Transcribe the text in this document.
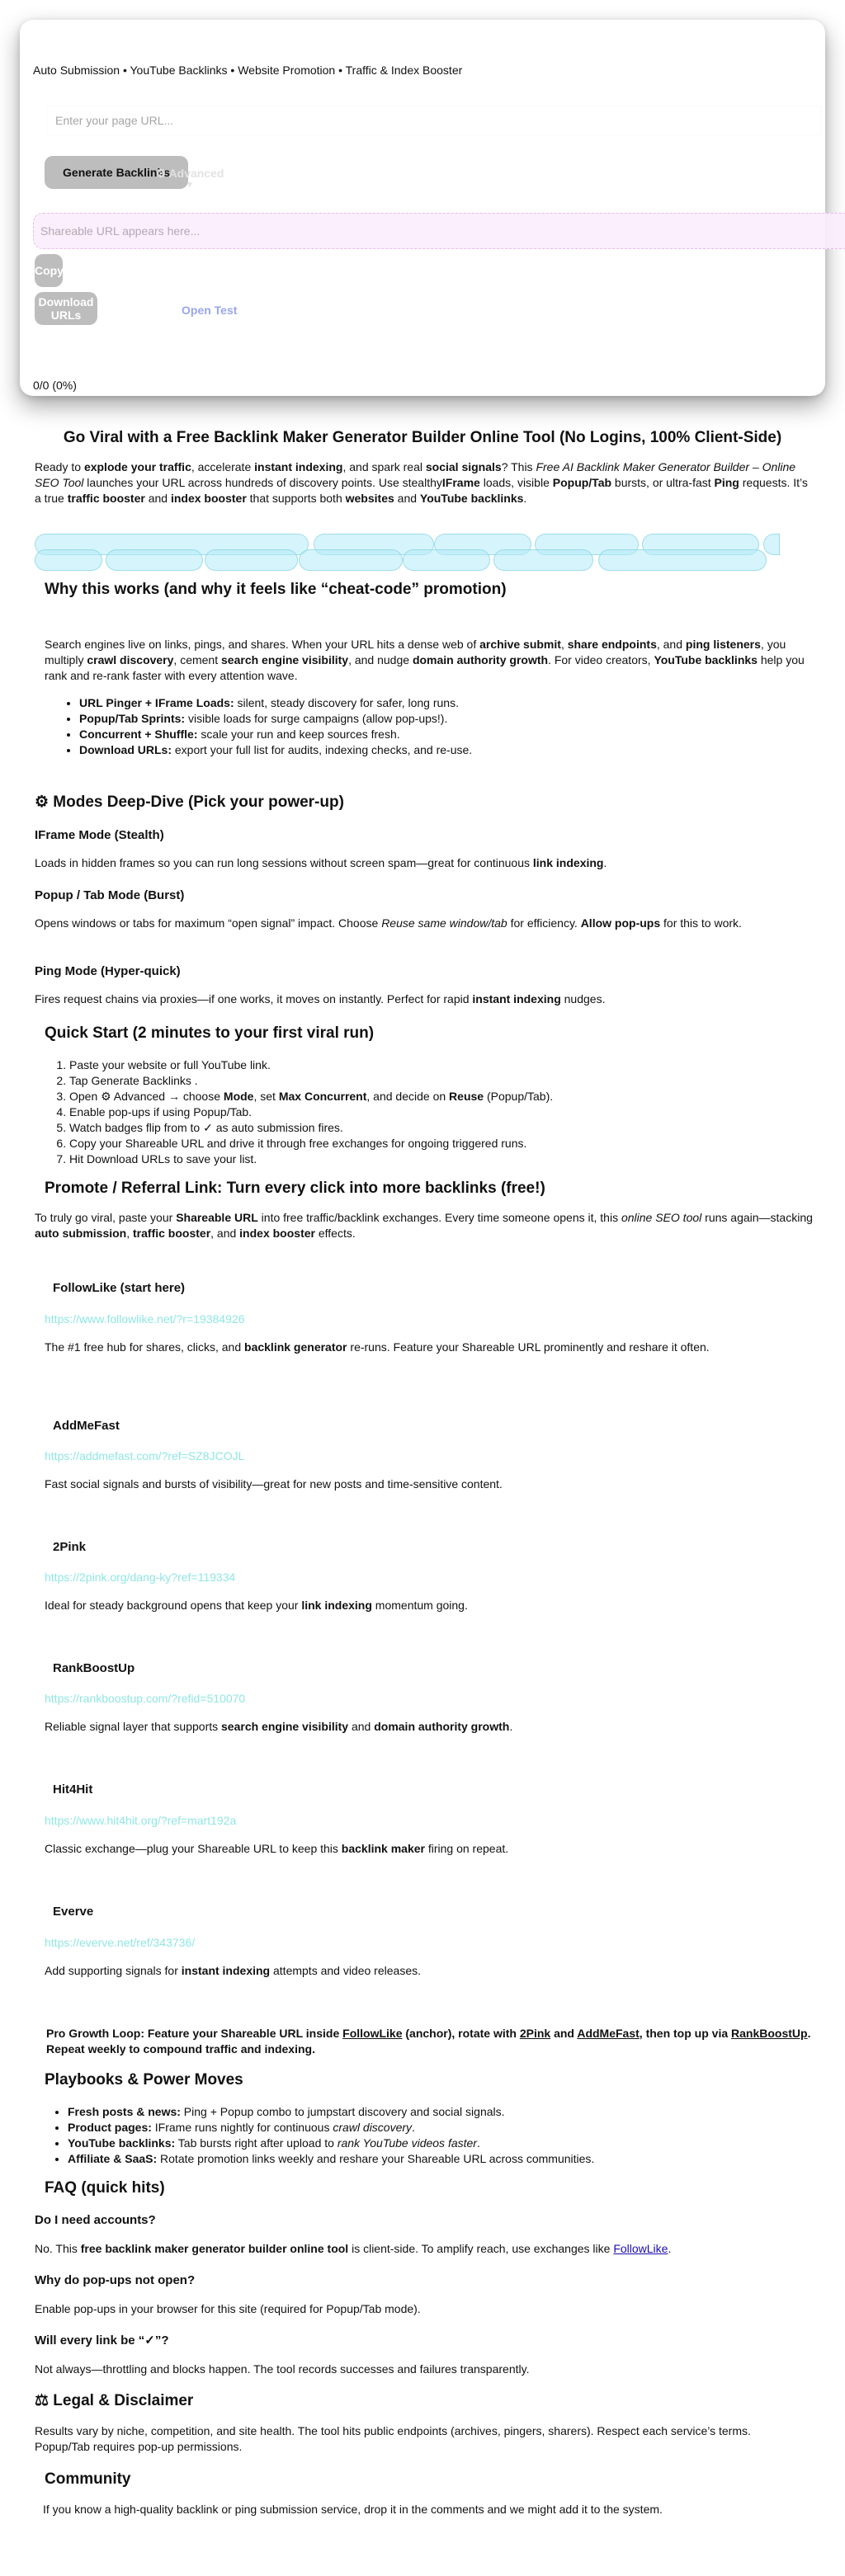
Auto Submission • YouTube Backlinks • Website Promotion • Traffic & Index Booster
Enter your page URL...
Generate Backlinks
⚙ Advanced
▼
Shareable URL appears here...
Copy
Download URLs	Open Test
0/0 (0%)
Go Viral with a Free Backlink Maker Generator Builder Online Tool (No Logins, 100% Client-Side)

Ready to explode your traffic, accelerate instant indexing, and spark real social signals? This Free AI Backlink Maker Generator Builder – Online SEO Tool launches your URL across hundreds of discovery points. Use stealthyIFrame loads, visible Popup/Tab bursts, or ultra-fast Ping requests. It’s a true traffic booster and index booster that supports both websites and YouTube backlinks.

Why this works (and why it feels like “cheat-code” promotion)

Search engines live on links, pings, and shares. When your URL hits a dense web of archive submit, share endpoints, and ping listeners, you multiply crawl discovery, cement search engine visibility, and nudge domain authority growth. For video creators, YouTube backlinks help you rank and re-rank faster with every attention wave.

• URL Pinger + IFrame Loads: silent, steady discovery for safer, long runs.
• Popup/Tab Sprints: visible loads for surge campaigns (allow pop-ups!).
• Concurrent + Shuffle: scale your run and keep sources fresh.
• Download URLs: export your full list for audits, indexing checks, and re-use.
⚙ Modes Deep-Dive (Pick your power-up)
IFrame Mode (Stealth)

Loads in hidden frames so you can run long sessions without screen spam—great for continuous link indexing.

Popup / Tab Mode (Burst)

Opens windows or tabs for maximum “open signal” impact. Choose Reuse same window/tab for efficiency. Allow pop-ups for this to work.

Ping Mode (Hyper-quick)

Fires request chains via proxies—if one works, it moves on instantly. Perfect for rapid instant indexing nudges.

Quick Start (2 minutes to your first viral run)
1. Paste your website or full YouTube link.
2. Tap Generate Backlinks .
3. Open ⚙ Advanced → choose Mode, set Max Concurrent, and decide on Reuse (Popup/Tab).
4. Enable pop-ups if using Popup/Tab.
5. Watch badges flip from to ✓ as auto submission fires.
6. Copy your Shareable URL and drive it through free exchanges for ongoing triggered runs.
7. Hit Download URLs to save your list.
Promote / Referral Link: Turn every click into more backlinks (free!)

To truly go viral, paste your Shareable URL into free traffic/backlink exchanges. Every time someone opens it, this online SEO tool runs again—stacking auto submission, traffic booster, and index booster effects.

FollowLike (start here)
https://www.followlike.net/?r=19384926

The #1 free hub for shares, clicks, and backlink generator re-runs. Feature your Shareable URL prominently and reshare it often.

AddMeFast
https://addmefast.com/?ref=SZ8JCOJL

Fast social signals and bursts of visibility—great for new posts and time-sensitive content.

2Pink
https://2pink.org/dang-ky?ref=119334

Ideal for steady background opens that keep your link indexing momentum going.

RankBoostUp
https://rankboostup.com/?refid=510070

Reliable signal layer that supports search engine visibility and domain authority growth.

Hit4Hit
https://www.hit4hit.org/?ref=mart192a

Classic exchange—plug your Shareable URL to keep this backlink maker firing on repeat.

Everve
https://everve.net/ref/343736/

Add supporting signals for instant indexing attempts and video releases.

Pro Growth Loop: Feature your Shareable URL inside FollowLike (anchor), rotate with 2Pink and AddMeFast, then top up via RankBoostUp. Repeat weekly to compound traffic and indexing.

Playbooks & Power Moves
• Fresh posts & news: Ping + Popup combo to jumpstart discovery and social signals.
• Product pages: IFrame runs nightly for continuous crawl discovery.
• YouTube backlinks: Tab bursts right after upload to rank YouTube videos faster.
• Affiliate & SaaS: Rotate promotion links weekly and reshare your Shareable URL across communities.
FAQ (quick hits)
Do I need accounts?

No. This free backlink maker generator builder online tool is client-side. To amplify reach, use exchanges like FollowLike.

Why do pop-ups not open?

Enable pop-ups in your browser for this site (required for Popup/Tab mode).

Will every link be “✓”?

Not always—throttling and blocks happen. The tool records successes and failures transparently.

⚖ Legal & Disclaimer

Results vary by niche, competition, and site health. The tool hits public endpoints (archives, pingers, sharers). Respect each service’s terms. Popup/Tab requires pop-up permissions.

Community

If you know a high-quality backlink or ping submission service, drop it in the comments and we might add it to the system.
